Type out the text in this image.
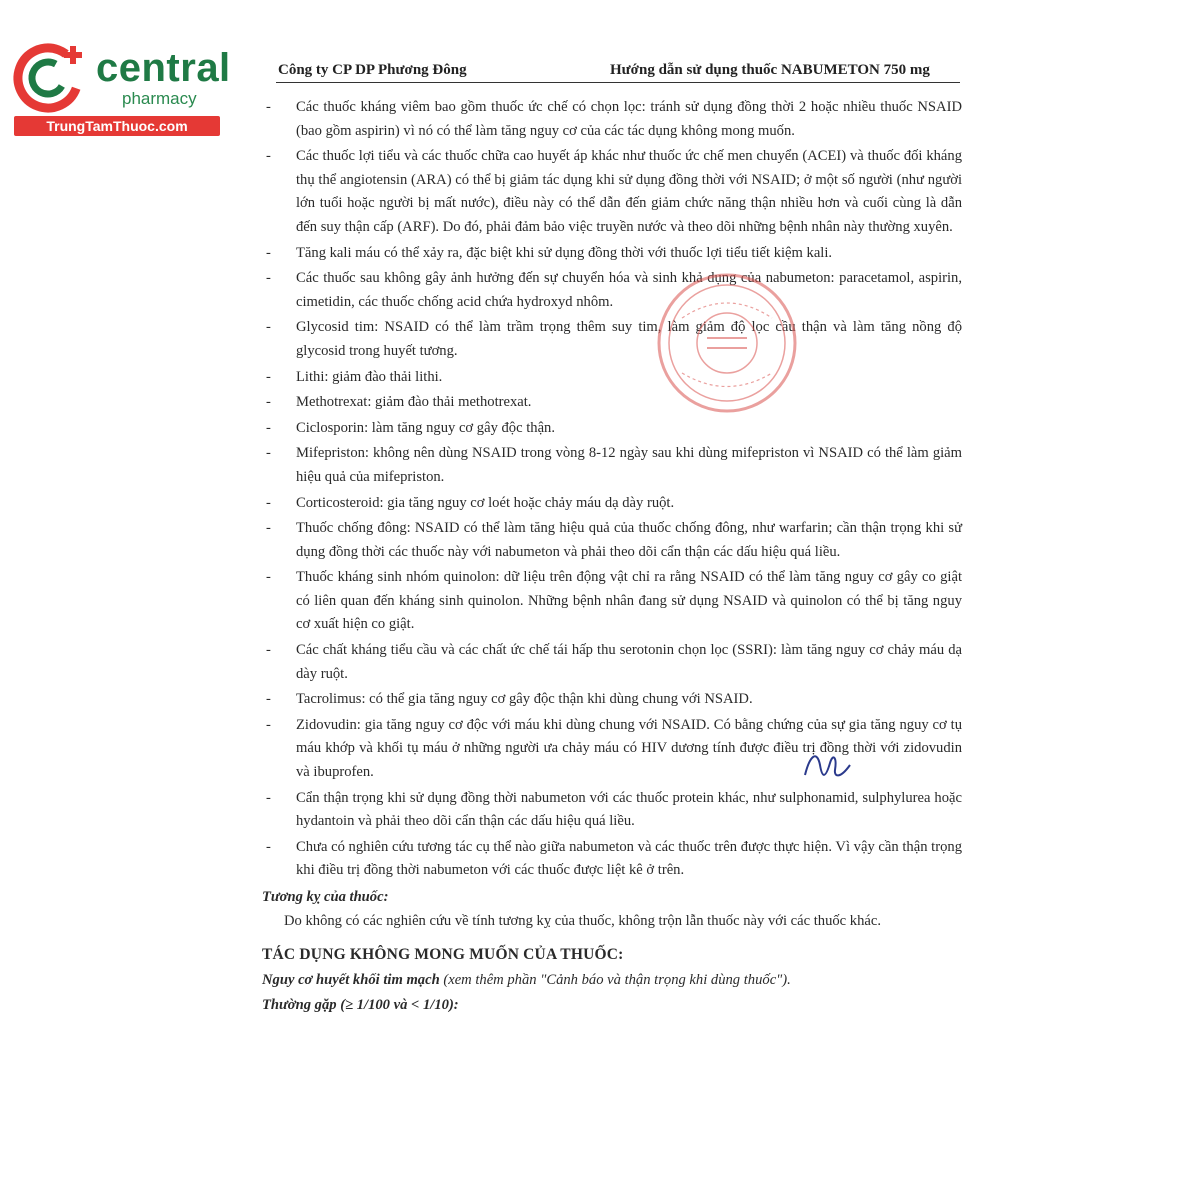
central
pharmacy
TrungTamThuoc.com
Công ty CP DP Phương Đông	Hướng dẫn sử dụng thuốc NABUMETON 750 mg
- Các thuốc kháng viêm bao gồm thuốc ức chế có chọn lọc: tránh sử dụng đồng thời 2 hoặc nhiều thuốc NSAID (bao gồm aspirin) vì nó có thể làm tăng nguy cơ của các tác dụng không mong muốn.
- Các thuốc lợi tiểu và các thuốc chữa cao huyết áp khác như thuốc ức chế men chuyển (ACEI) và thuốc đối kháng thụ thể angiotensin (ARA) có thể bị giảm tác dụng khi sử dụng đồng thời với NSAID; ở một số người (như người lớn tuổi hoặc người bị mất nước), điều này có thể dẫn đến giảm chức năng thận nhiều hơn và cuối cùng là dẫn đến suy thận cấp (ARF). Do đó, phải đảm bảo việc truyền nước và theo dõi những bệnh nhân này thường xuyên.
- Tăng kali máu có thể xảy ra, đặc biệt khi sử dụng đồng thời với thuốc lợi tiểu tiết kiệm kali.
- Các thuốc sau không gây ảnh hưởng đến sự chuyển hóa và sinh khả dụng của nabumeton: paracetamol, aspirin, cimetidin, các thuốc chống acid chứa hydroxyd nhôm.
- Glycosid tim: NSAID có thể làm trầm trọng thêm suy tim, làm giảm độ lọc cầu thận và làm tăng nồng độ glycosid trong huyết tương.
- Lithi: giảm đào thải lithi.
- Methotrexat: giảm đào thải methotrexat.
- Ciclosporin: làm tăng nguy cơ gây độc thận.
- Mifepriston: không nên dùng NSAID trong vòng 8-12 ngày sau khi dùng mifepriston vì NSAID có thể làm giảm hiệu quả của mifepriston.
- Corticosteroid: gia tăng nguy cơ loét hoặc chảy máu dạ dày ruột.
- Thuốc chống đông: NSAID có thể làm tăng hiệu quả của thuốc chống đông, như warfarin; cần thận trọng khi sử dụng đồng thời các thuốc này với nabumeton và phải theo dõi cẩn thận các dấu hiệu quá liều.
- Thuốc kháng sinh nhóm quinolon: dữ liệu trên động vật chỉ ra rằng NSAID có thể làm tăng nguy cơ gây co giật có liên quan đến kháng sinh quinolon. Những bệnh nhân đang sử dụng NSAID và quinolon có thể bị tăng nguy cơ xuất hiện co giật.
- Các chất kháng tiểu cầu và các chất ức chế tái hấp thu serotonin chọn lọc (SSRI): làm tăng nguy cơ chảy máu dạ dày ruột.
- Tacrolimus: có thể gia tăng nguy cơ gây độc thận khi dùng chung với NSAID.
- Zidovudin: gia tăng nguy cơ độc với máu khi dùng chung với NSAID. Có bằng chứng của sự gia tăng nguy cơ tụ máu khớp và khối tụ máu ở những người ưa chảy máu có HIV dương tính được điều trị đồng thời với zidovudin và ibuprofen.
- Cẩn thận trọng khi sử dụng đồng thời nabumeton với các thuốc protein khác, như sulphonamid, sulphylurea hoặc hydantoin và phải theo dõi cẩn thận các dấu hiệu quá liều.
- Chưa có nghiên cứu tương tác cụ thể nào giữa nabumeton và các thuốc trên được thực hiện. Vì vậy cần thận trọng khi điều trị đồng thời nabumeton với các thuốc được liệt kê ở trên.
Tương kỵ của thuốc:
Do không có các nghiên cứu về tính tương kỵ của thuốc, không trộn lẫn thuốc này với các thuốc khác.
TÁC DỤNG KHÔNG MONG MUỐN CỦA THUỐC:
Nguy cơ huyết khối tim mạch (xem thêm phần "Cảnh báo và thận trọng khi dùng thuốc").
Thường gặp (≥ 1/100 và < 1/10):
